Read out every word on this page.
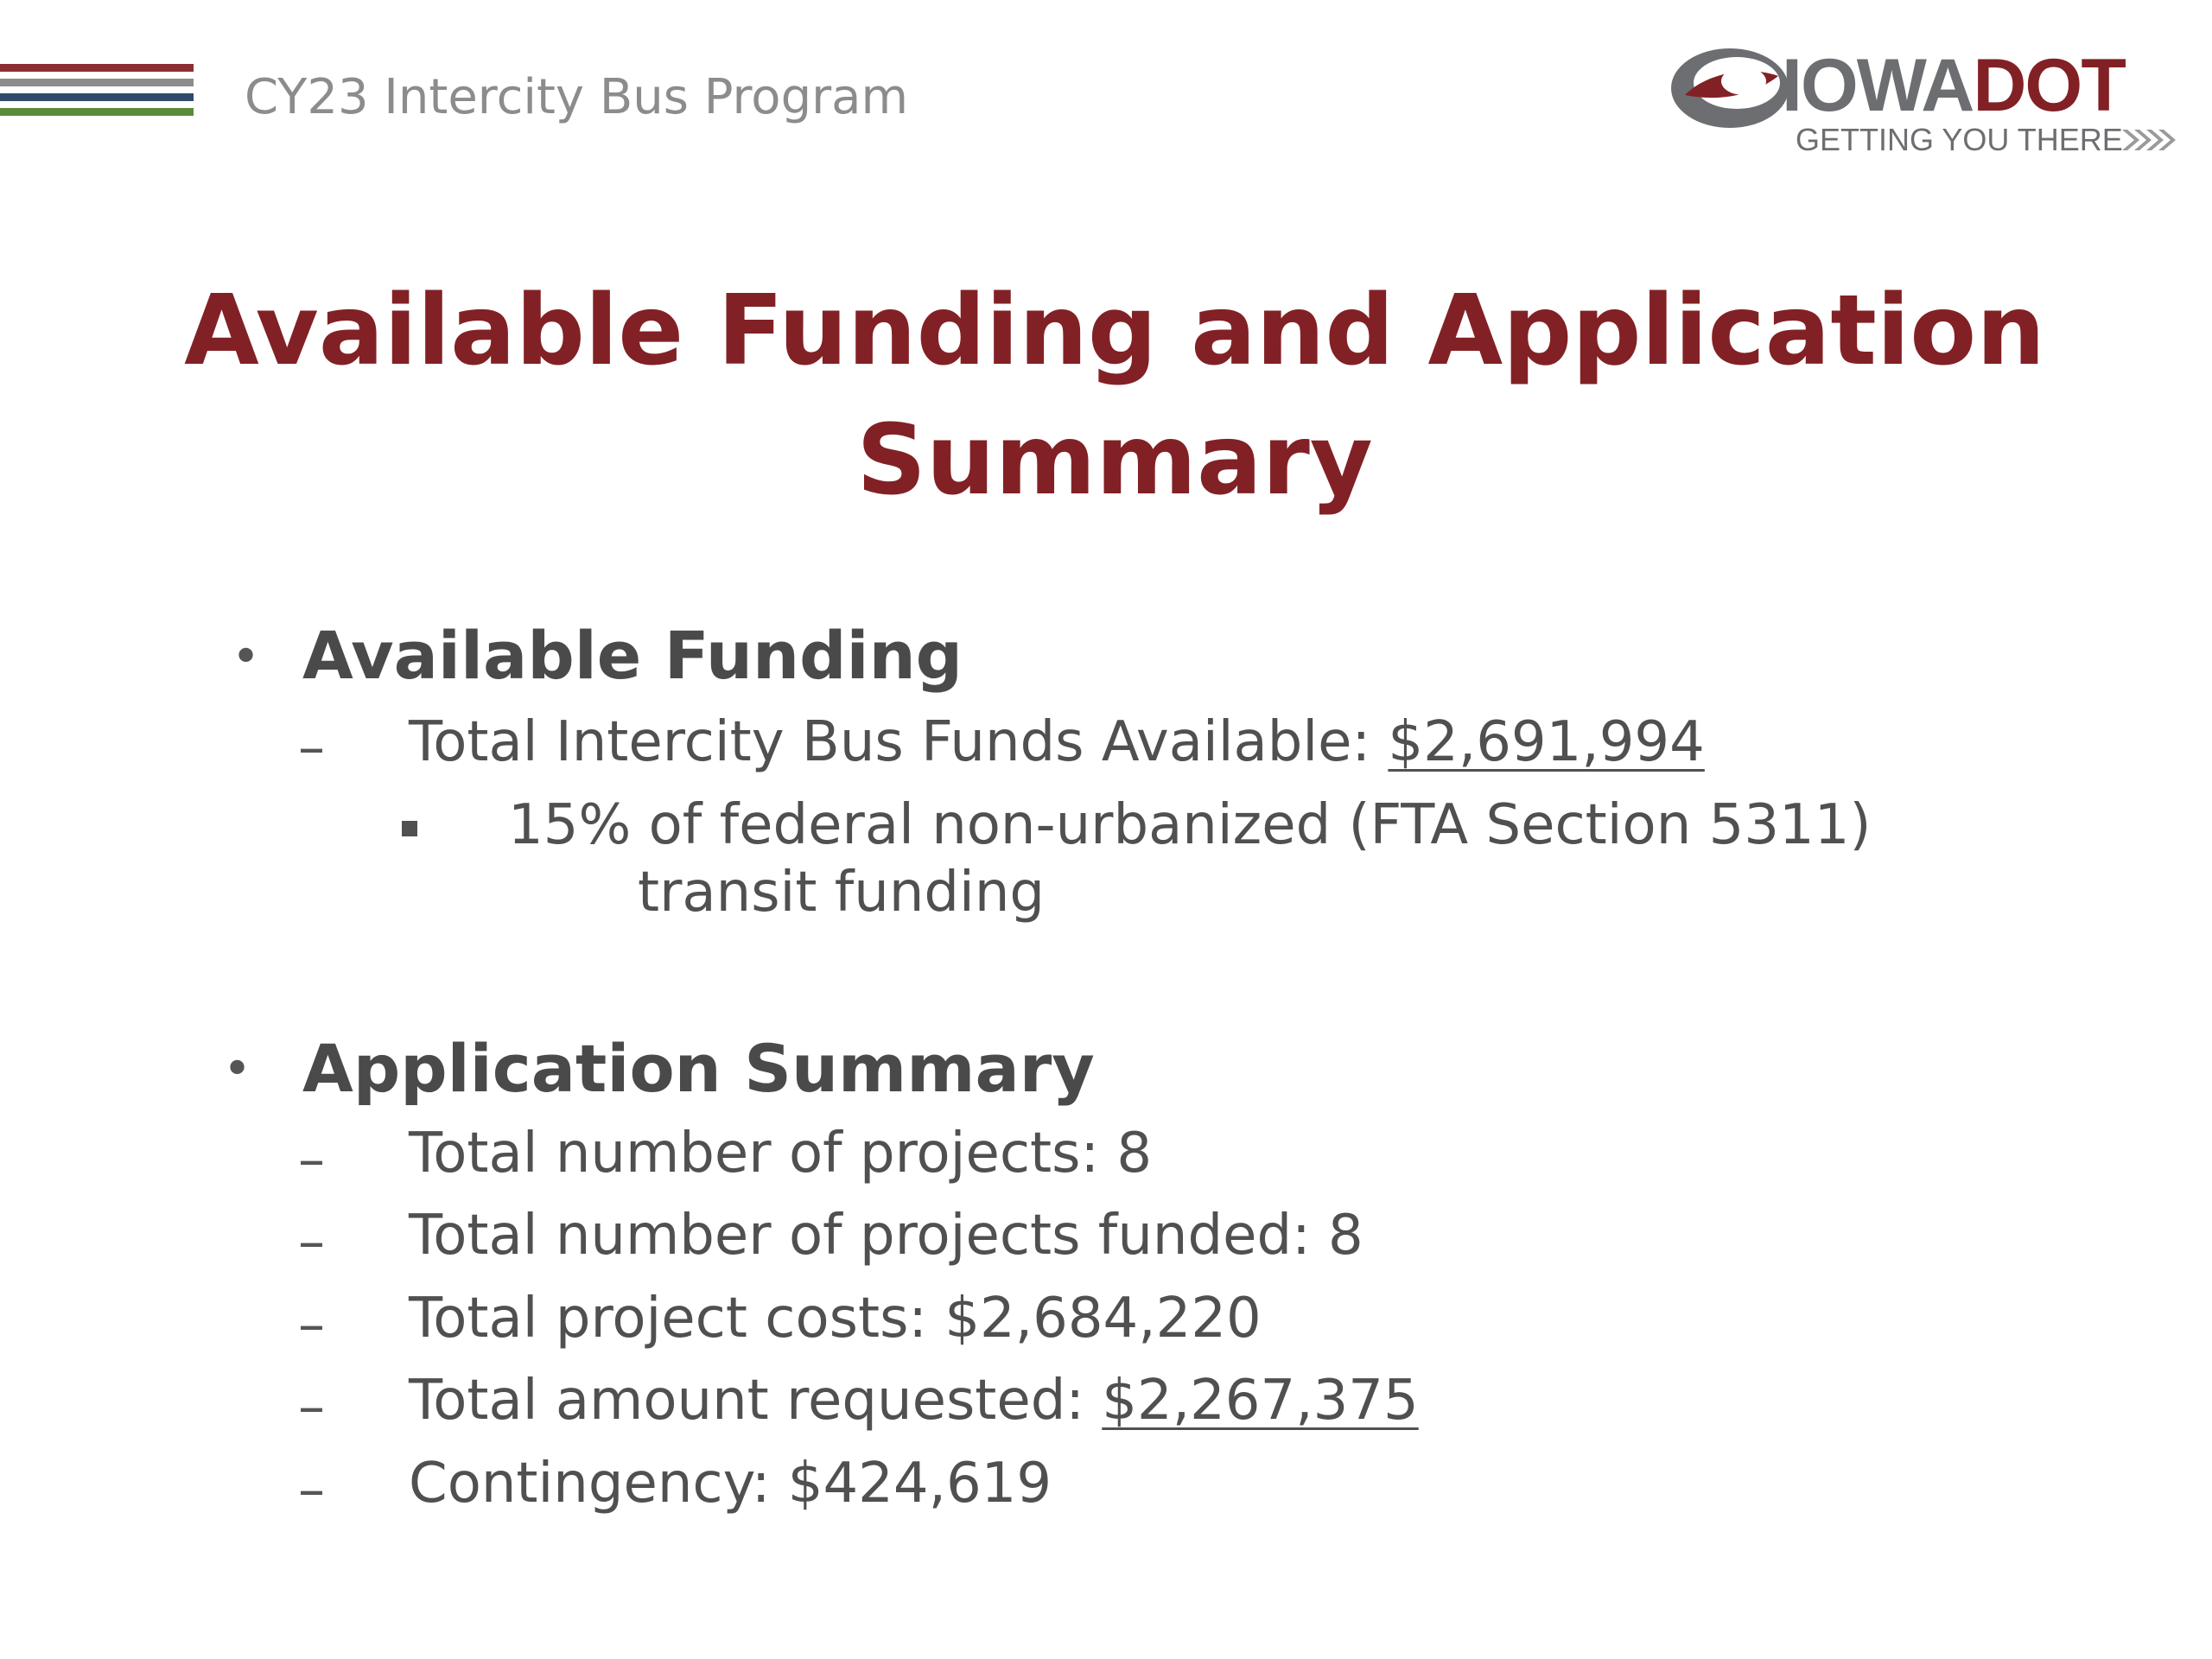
CY23 Intercity Bus Program	IOWADOT
GETTING YOU THERE
Available Funding and Application
Summary
• Available Funding
– Total Intercity Bus Funds Available: $2,691,994
15% of federal non-urbanized (FTA Section 5311)
transit funding
• Application Summary
– Total number of projects: 8
– Total number of projects funded: 8
– Total project costs: $2,684,220
– Total amount requested: $2,267,375
– Contingency: $424,619
